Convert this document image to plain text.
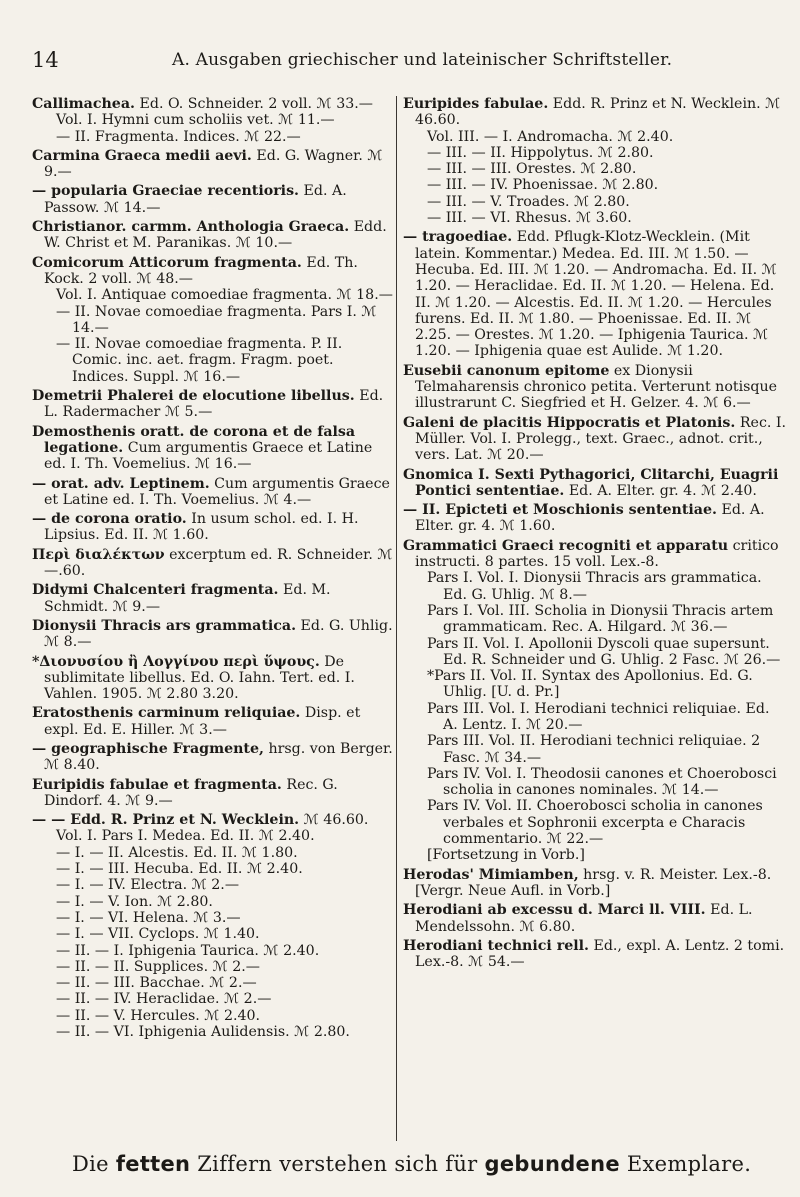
14	A. Ausgaben griechischer und lateinischer Schriftsteller.
Callimachea. Ed. O. Schneider. 2 voll. ℳ 33.—
Vol. I. Hymni cum scholiis vet. ℳ 11.—
— II. Fragmenta. Indices. ℳ 22.—
Carmina Graeca medii aevi. Ed. G. Wagner. ℳ 9.—
— popularia Graeciae recentioris. Ed. A. Passow. ℳ 14.—
Christianor. carmm. Anthologia Graeca. Edd. W. Christ et M. Paranikas. ℳ 10.—
Comicorum Atticorum fragmenta. Ed. Th. Kock. 2 voll. ℳ 48.—
Vol. I. Antiquae comoediae fragmenta. ℳ 18.—
— II. Novae comoediae fragmenta. Pars I. ℳ 14.—
— II. Novae comoediae fragmenta. P. II. Comic. inc. aet. fragm. Fragm. poet. Indices. Suppl. ℳ 16.—
Demetrii Phalerei de elocutione libellus. Ed. L. Radermacher ℳ 5.—
Demosthenis oratt. de corona et de falsa legatione. Cum argumentis Graece et Latine ed. I. Th. Voemelius. ℳ 16.—
— orat. adv. Leptinem. Cum argumentis Graece et Latine ed. I. Th. Voemelius. ℳ 4.—
— de corona oratio. In usum schol. ed. I. H. Lipsius. Ed. II. ℳ 1.60.
Περὶ διαλέκτων excerptum ed. R. Schneider. ℳ —.60.
Didymi Chalcenteri fragmenta. Ed. M. Schmidt. ℳ 9.—
Dionysii Thracis ars grammatica. Ed. G. Uhlig. ℳ 8.—
*Διονυσίου ἢ Λογγίνου περὶ ὕψους. De sublimitate libellus. Ed. O. Iahn. Tert. ed. I. Vahlen. 1905. ℳ 2.80 3.20.
Eratosthenis carminum reliquiae. Disp. et expl. Ed. E. Hiller. ℳ 3.—
— geographische Fragmente, hrsg. von Berger. ℳ 8.40.
Euripidis fabulae et fragmenta. Rec. G. Dindorf. 4. ℳ 9.—
— — Edd. R. Prinz et N. Wecklein. ℳ 46.60.
Vol. I. Pars I. Medea. Ed. II. ℳ 2.40.
— I. — II. Alcestis. Ed. II. ℳ 1.80.
— I. — III. Hecuba. Ed. II. ℳ 2.40.
— I. — IV. Electra. ℳ 2.—
— I. — V. Ion. ℳ 2.80.
— I. — VI. Helena. ℳ 3.—
— I. — VII. Cyclops. ℳ 1.40.
— II. — I. Iphigenia Taurica. ℳ 2.40.
— II. — II. Supplices. ℳ 2.—
— II. — III. Bacchae. ℳ 2.—
— II. — IV. Heraclidae. ℳ 2.—
— II. — V. Hercules. ℳ 2.40.
— II. — VI. Iphigenia Aulidensis. ℳ 2.80.
Euripides fabulae. Edd. R. Prinz et N. Wecklein. ℳ 46.60.
Vol. III. — I. Andromacha. ℳ 2.40.
— III. — II. Hippolytus. ℳ 2.80.
— III. — III. Orestes. ℳ 2.80.
— III. — IV. Phoenissae. ℳ 2.80.
— III. — V. Troades. ℳ 2.80.
— III. — VI. Rhesus. ℳ 3.60.
— tragoediae. Edd. Pflugk-Klotz-Wecklein. (Mit latein. Kommentar.) Medea. Ed. III. ℳ 1.50. — Hecuba. Ed. III. ℳ 1.20. — Andromacha. Ed. II. ℳ 1.20. — Heraclidae. Ed. II. ℳ 1.20. — Helena. Ed. II. ℳ 1.20. — Alcestis. Ed. II. ℳ 1.20. — Hercules furens. Ed. II. ℳ 1.80. — Phoenissae. Ed. II. ℳ 2.25. — Orestes. ℳ 1.20. — Iphigenia Taurica. ℳ 1.20. — Iphigenia quae est Aulide. ℳ 1.20.
Eusebii canonum epitome ex Dionysii Telmaharensis chronico petita. Verterunt notisque illustrarunt C. Siegfried et H. Gelzer. 4. ℳ 6.—
Galeni de placitis Hippocratis et Platonis. Rec. I. Müller. Vol. I. Prolegg., text. Graec., adnot. crit., vers. Lat. ℳ 20.—
Gnomica I. Sexti Pythagorici, Clitarchi, Euagrii Pontici sententiae. Ed. A. Elter. gr. 4. ℳ 2.40.
— II. Epicteti et Moschionis sententiae. Ed. A. Elter. gr. 4. ℳ 1.60.
Grammatici Graeci recogniti et apparatu critico instructi. 8 partes. 15 voll. Lex.-8.
Pars I. Vol. I. Dionysii Thracis ars grammatica. Ed. G. Uhlig. ℳ 8.—
Pars I. Vol. III. Scholia in Dionysii Thracis artem grammaticam. Rec. A. Hilgard. ℳ 36.—
Pars II. Vol. I. Apollonii Dyscoli quae supersunt. Ed. R. Schneider und G. Uhlig. 2 Fasc. ℳ 26.—
*Pars II. Vol. II. Syntax des Apollonius. Ed. G. Uhlig. [U. d. Pr.]
Pars III. Vol. I. Herodiani technici reliquiae. Ed. A. Lentz. I. ℳ 20.—
Pars III. Vol. II. Herodiani technici reliquiae. 2 Fasc. ℳ 34.—
Pars IV. Vol. I. Theodosii canones et Choerobosci scholia in canones nominales. ℳ 14.—
Pars IV. Vol. II. Choerobosci scholia in canones verbales et Sophronii excerpta e Characis commentario. ℳ 22.—
[Fortsetzung in Vorb.]
Herodas' Mimiamben, hrsg. v. R. Meister. Lex.-8. [Vergr. Neue Aufl. in Vorb.]
Herodiani ab excessu d. Marci ll. VIII. Ed. L. Mendelssohn. ℳ 6.80.
Herodiani technici rell. Ed., expl. A. Lentz. 2 tomi. Lex.-8. ℳ 54.—
Die fetten Ziffern verstehen sich für gebundene Exemplare.
